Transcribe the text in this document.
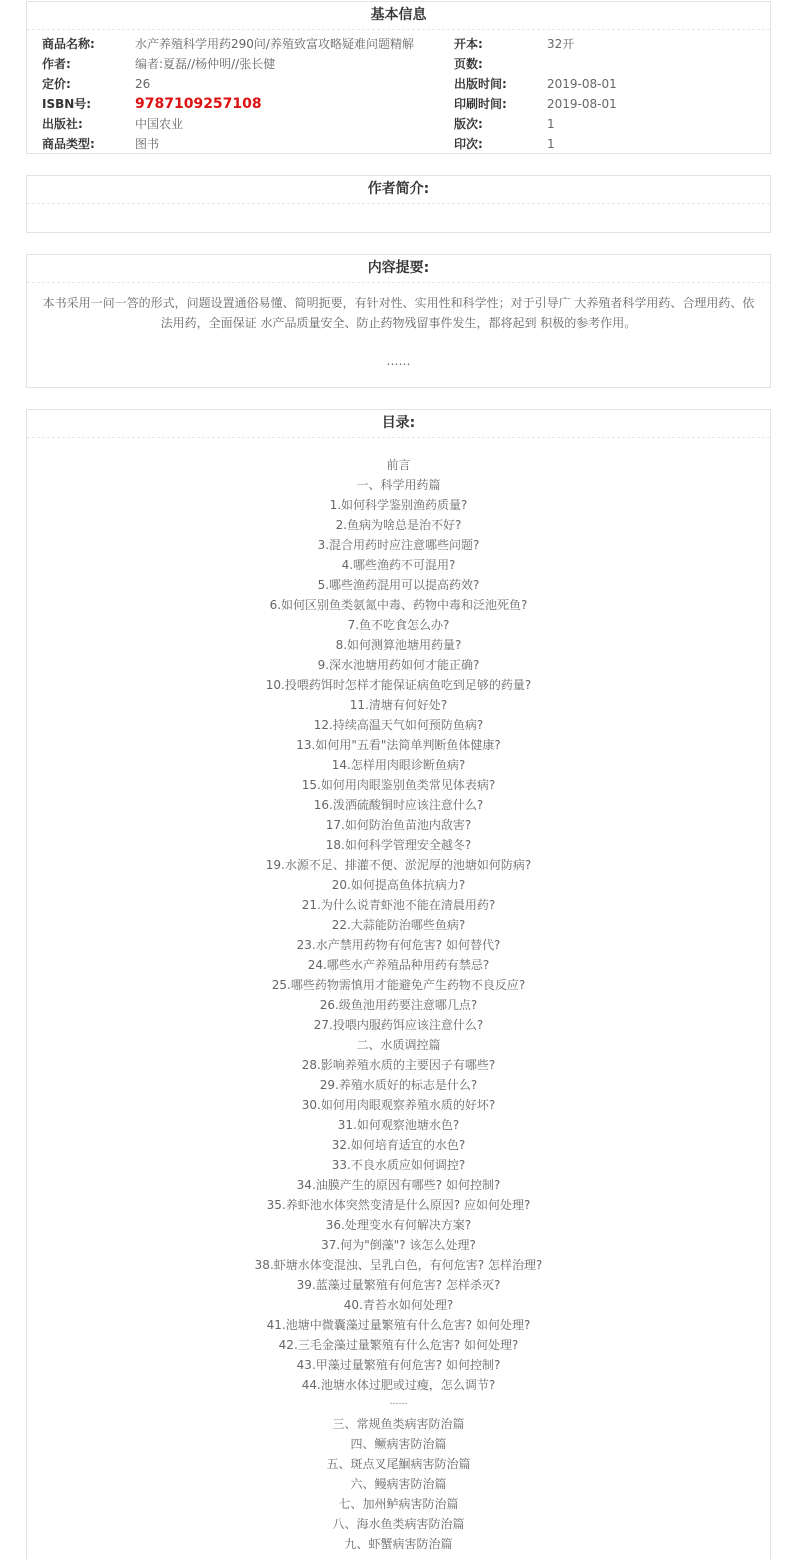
基本信息
商品名称:	水产养殖科学用药290问/养殖致富攻略疑难问题精解	开本:	32开
作者:	编者:夏磊//杨仲明//张长健	页数:
定价:	26	出版时间:	2019-08-01
ISBN号:	9787109257108	印刷时间:	2019-08-01
出版社:	中国农业	版次:	1
商品类型:	图书	印次:	1
作者简介:
内容提要:
本书采用一问一答的形式，问题设置通俗易懂、简明扼要，有针对性、实用性和科学性；对于引导广 大养殖者科学用药、合理用药、依法用药，全面保证 水产品质量安全、防止药物残留事件发生，都将起到 积极的参考作用。
……
目录:
前言
一、科学用药篇
1.如何科学鉴别渔药质量?
2.鱼病为啥总是治不好?
3.混合用药时应注意哪些问题?
4.哪些渔药不可混用?
5.哪些渔药混用可以提高药效?
6.如何区别鱼类氨氮中毒、药物中毒和泛池死鱼?
7.鱼不吃食怎么办?
8.如何测算池塘用药量?
9.深水池塘用药如何才能正确?
10.投喂药饵时怎样才能保证病鱼吃到足够的药量?
11.清塘有何好处?
12.持续高温天气如何预防鱼病?
13.如何用"五看"法简单判断鱼体健康?
14.怎样用肉眼诊断鱼病?
15.如何用肉眼鉴别鱼类常见体表病?
16.泼洒硫酸铜时应该注意什么?
17.如何防治鱼苗池内敌害?
18.如何科学管理安全越冬?
19.水源不足、排灌不便、淤泥厚的池塘如何防病?
20.如何提高鱼体抗病力?
21.为什么说青虾池不能在清晨用药?
22.大蒜能防治哪些鱼病?
23.水产禁用药物有何危害? 如何替代?
24.哪些水产养殖品种用药有禁忌?
25.哪些药物需慎用才能避免产生药物不良反应?
26.级鱼池用药要注意哪几点?
27.投喂内服药饵应该注意什么?
二、水质调控篇
28.影响养殖水质的主要因子有哪些?
29.养殖水质好的标志是什么?
30.如何用肉眼观察养殖水质的好坏?
31.如何观察池塘水色?
32.如何培育适宜的水色?
33.不良水质应如何调控?
34.油膜产生的原因有哪些? 如何控制?
35.养虾池水体突然变清是什么原因? 应如何处理?
36.处理变水有何解决方案?
37.何为"倒藻"? 该怎么处理?
38.虾塘水体变混浊、呈乳白色，有何危害? 怎样治理?
39.蓝藻过量繁殖有何危害? 怎样杀灭?
40.青苔水如何处理?
41.池塘中微囊藻过量繁殖有什么危害? 如何处理?
42.三毛金藻过量繁殖有什么危害? 如何处理?
43.甲藻过量繁殖有何危害? 如何控制?
44.池塘水体过肥或过瘦，怎么调节?
……
三、常规鱼类病害防治篇
四、鳜病害防治篇
五、斑点叉尾鮰病害防治篇
六、鳗病害防治篇
七、加州鲈病害防治篇
八、海水鱼类病害防治篇
九、虾蟹病害防治篇
